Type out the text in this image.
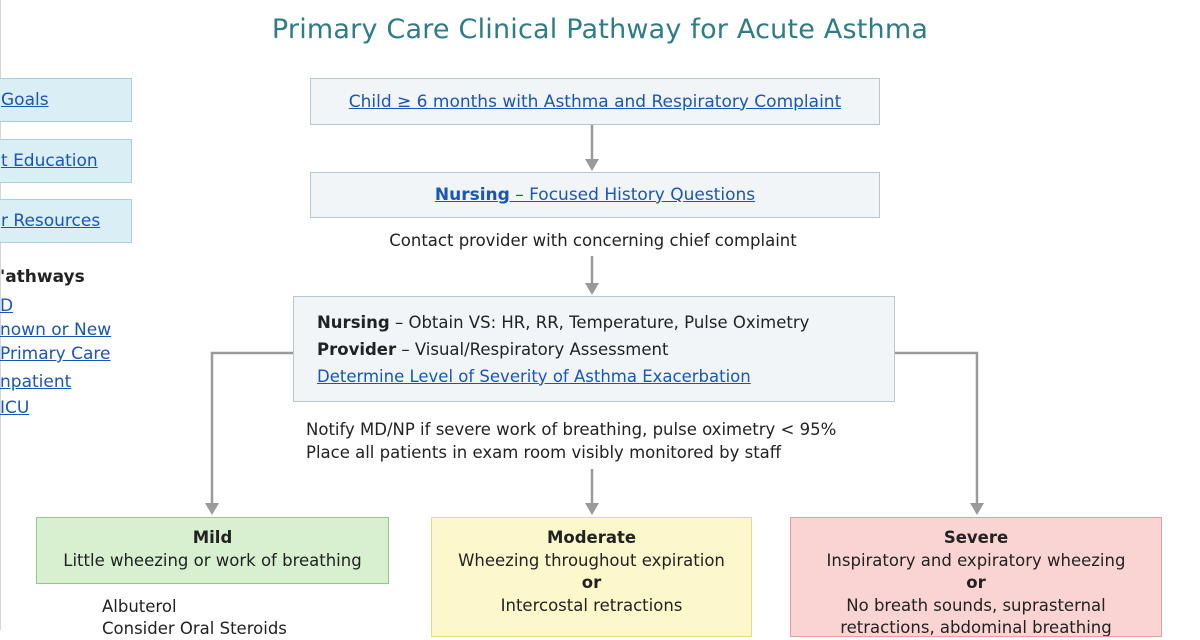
Primary Care Clinical Pathway for Acute Asthma
Goals
t Education
r Resources
'athways
D
nown or New
Primary Care
npatient
ICU
Child ≥ 6 months with Asthma and Respiratory Complaint
Nursing – Focused History Questions
Contact provider with concerning chief complaint
Nursing – Obtain VS: HR, RR, Temperature, Pulse Oximetry
Provider – Visual/Respiratory Assessment
Determine Level of Severity of Asthma Exacerbation
Notify MD/NP if severe work of breathing, pulse oximetry < 95%
Place all patients in exam room visibly monitored by staff
Mild
Little wheezing or work of breathing
Moderate
Wheezing throughout expiration
or
Intercostal retractions
Severe
Inspiratory and expiratory wheezing
or
No breath sounds, suprasternal
retractions, abdominal breathing
Albuterol
Consider Oral Steroids
